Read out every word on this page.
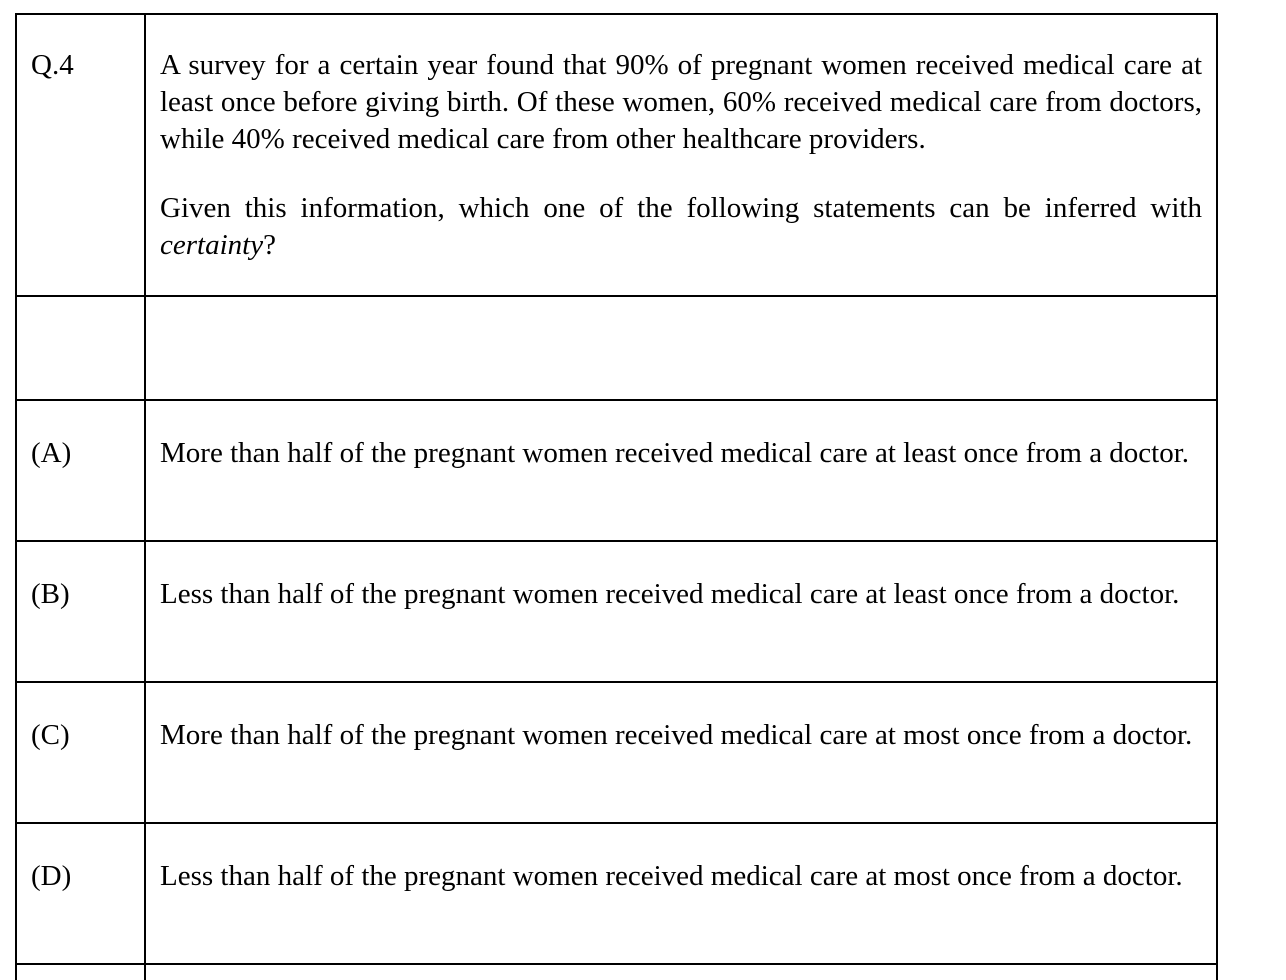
Q.4	A survey for a certain year found that 90% of pregnant women received medical care at least once before giving birth. Of these women, 60% received medical care from doctors, while 40% received medical care from other healthcare providers.

Given this information, which one of the following statements can be inferred with certainty?

(A)	More than half of the pregnant women received medical care at least once from a doctor.

(B)	Less than half of the pregnant women received medical care at least once from a doctor.

(C)	More than half of the pregnant women received medical care at most once from a doctor.

(D)	Less than half of the pregnant women received medical care at most once from a doctor.
